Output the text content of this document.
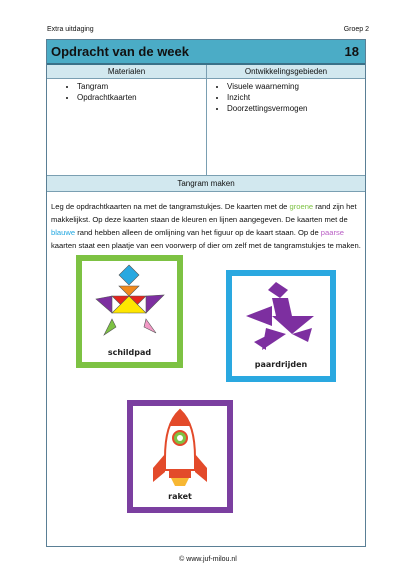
Extra uitdaging	Groep 2
Opdracht van de week	18
Materialen
• Tangram
• Opdrachtkaarten
Ontwikkelingsgebieden
• Visuele waarneming
• Inzicht
• Doorzettingsvermogen
Tangram maken
Leg de opdrachtkaarten na met de tangramstukjes. De kaarten met de groene rand zijn het makkelijkst. Op deze kaarten staan de kleuren en lijnen aangegeven. De kaarten met de blauwe rand hebben alleen de omlijning van het figuur op de kaart staan. Op de paarse kaarten staat een plaatje van een voorwerp of dier om zelf met de tangramstukjes te maken.
schildpad
paardrijden
raket
© www.juf-milou.nl
